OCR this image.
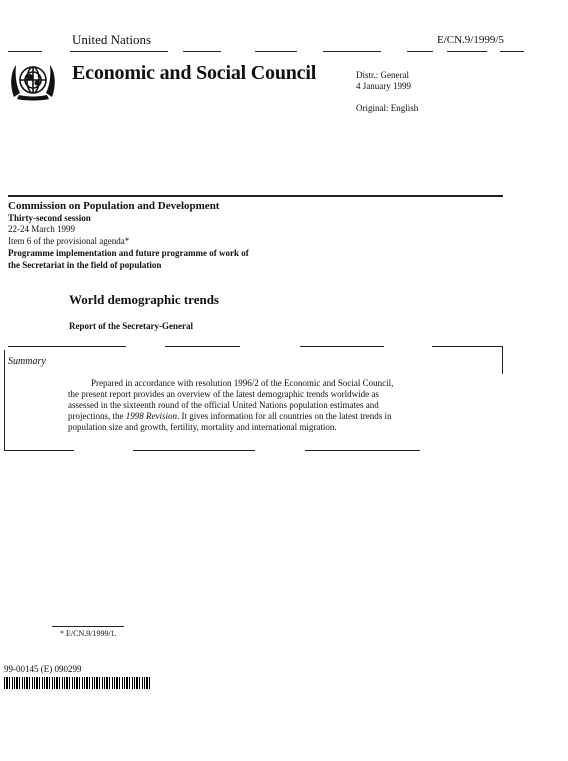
United Nations	E/CN.9/1999/5
Economic and Social Council	Distr.: General
4 January 1999
Original: English
Commission on Population and Development
Thirty-second session
22-24 March 1999
Item 6 of the provisional agenda*
Programme implementation and future programme of work of
the Secretariat in the field of population
World demographic trends
Report of the Secretary-General
Summary
Prepared in accordance with resolution 1996/2 of the Economic and Social Council,
the present report provides an overview of the latest demographic trends worldwide as
assessed in the sixteenth round of the official United Nations population estimates and
projections, the 1998 Revision. It gives information for all countries on the latest trends in
population size and growth, fertility, mortality and international migration.
* E/CN.9/1999/1.
99-00145 (E) 090299
